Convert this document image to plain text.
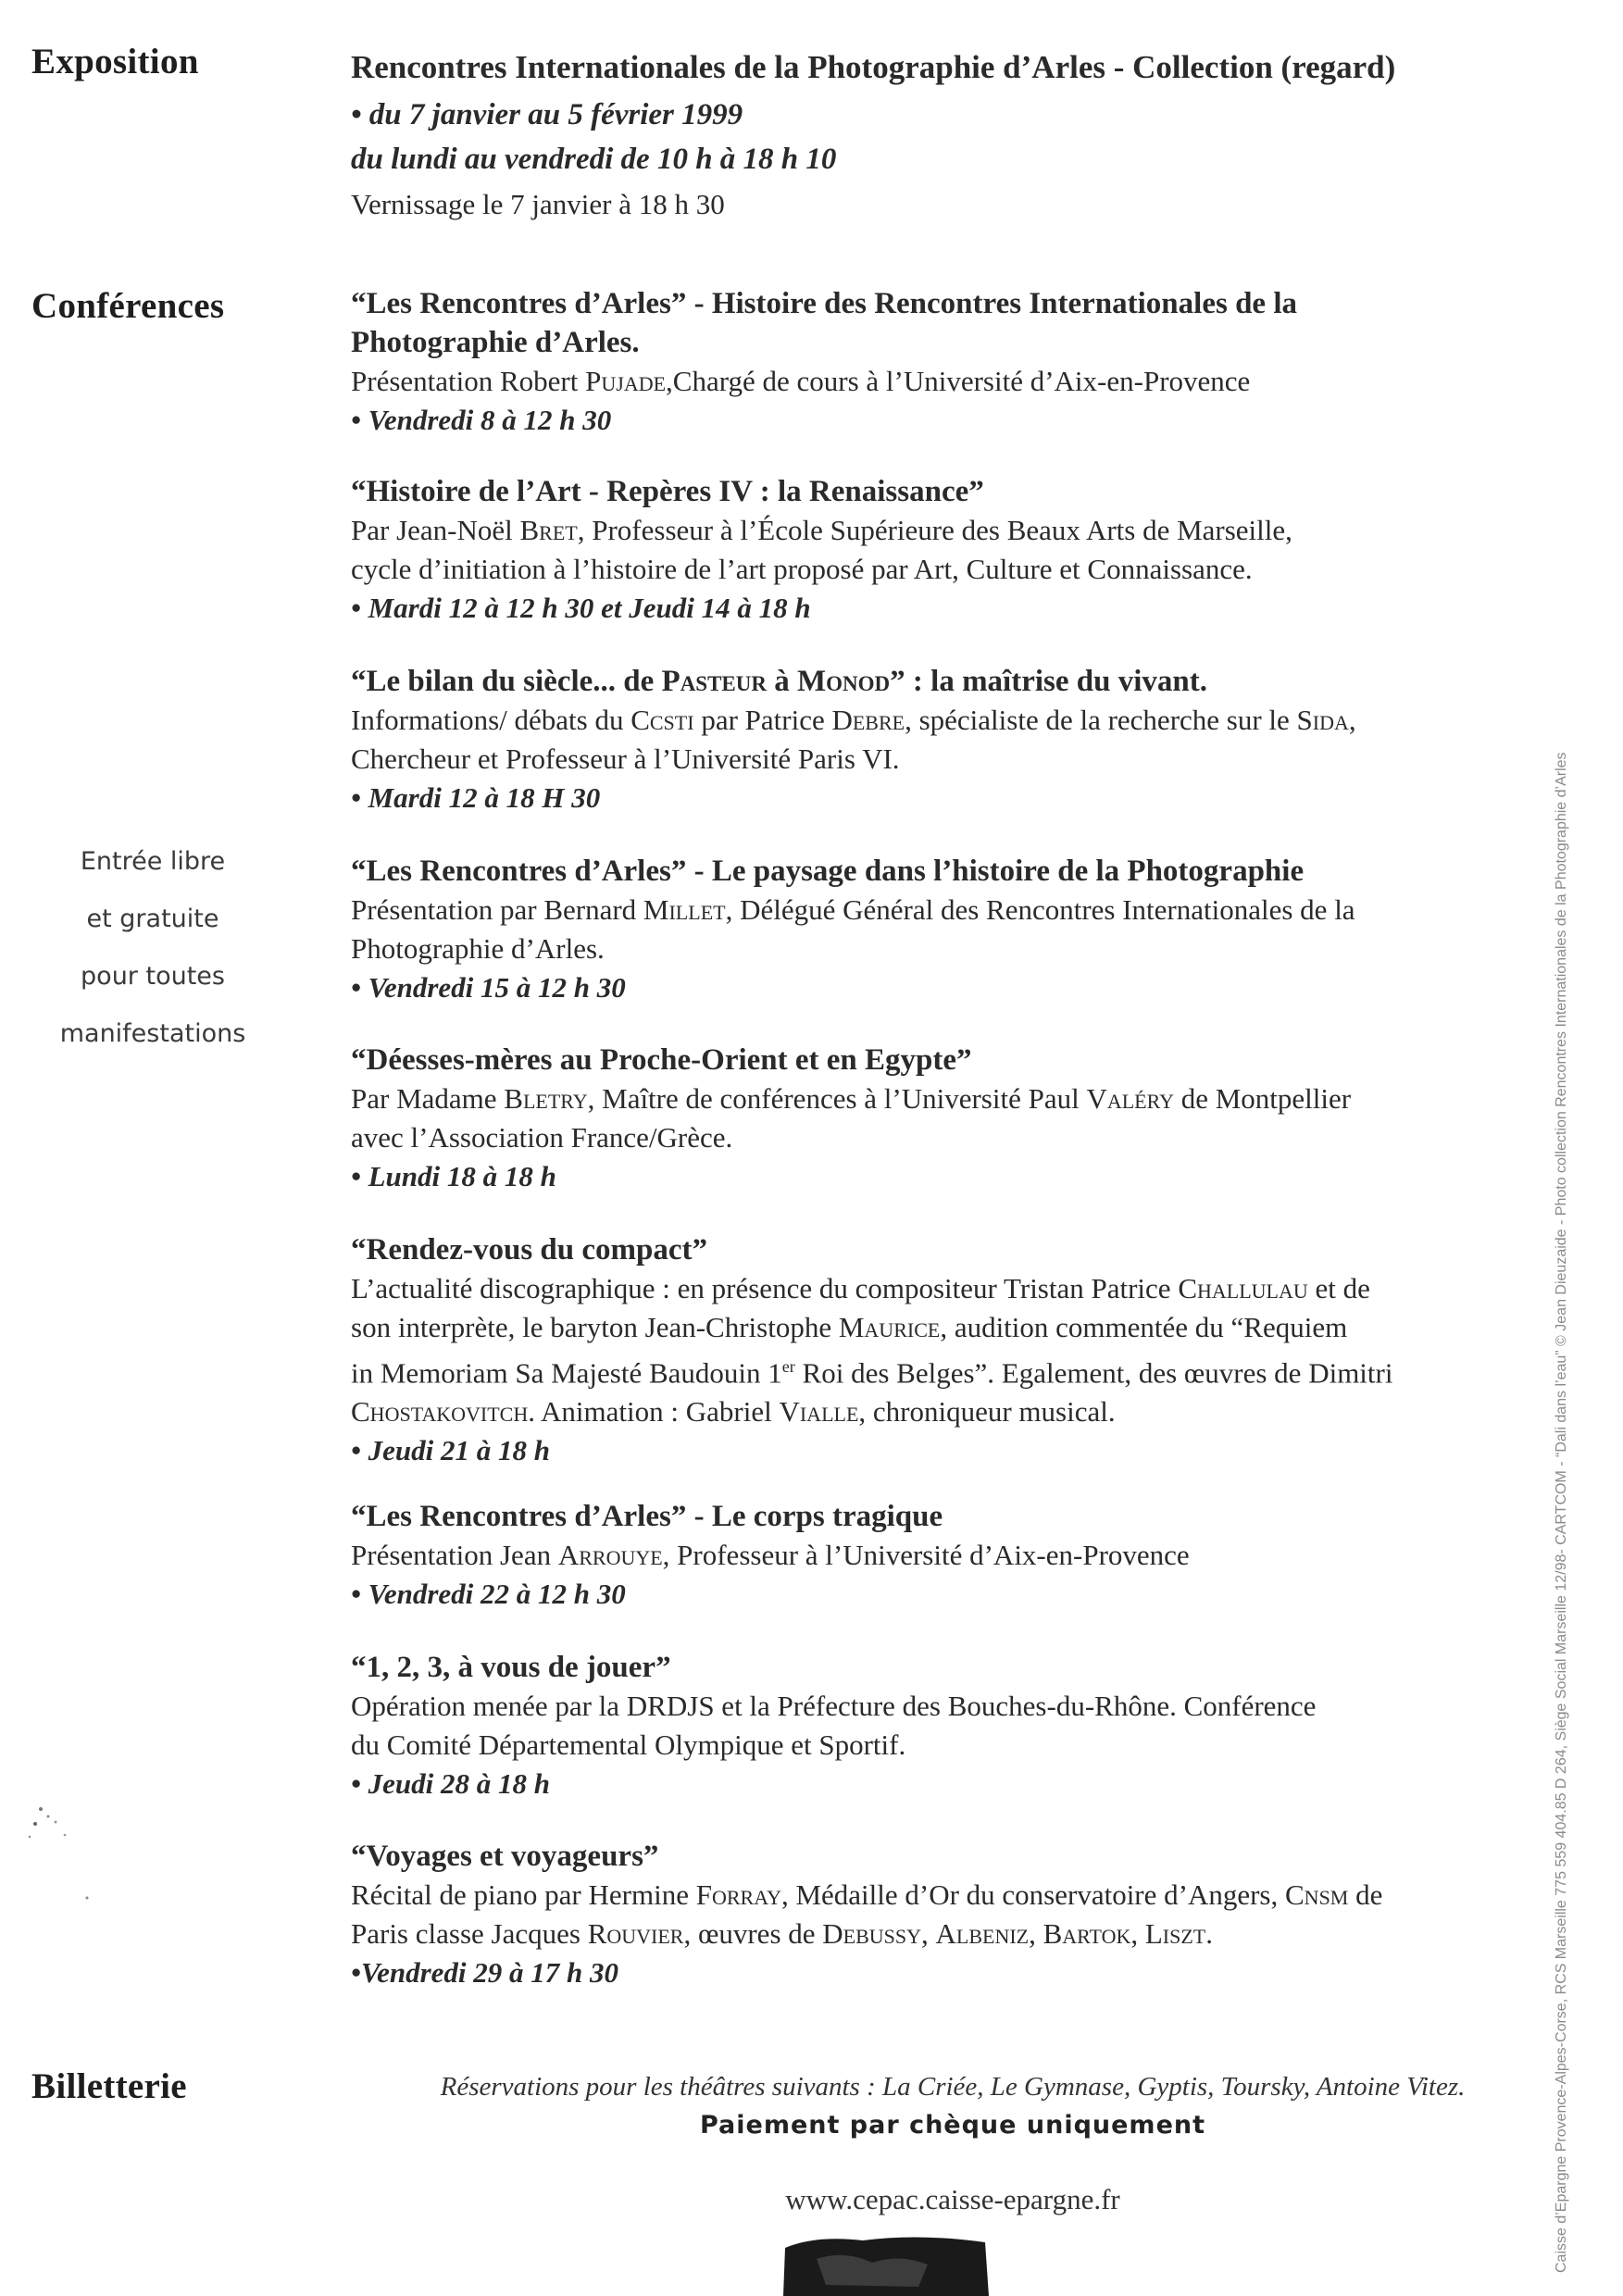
Exposition
Conférences
Billetterie

Rencontres Internationales de la Photographie d’Arles - Collection (regard)

• du 7 janvier au 5 février 1999

du lundi au vendredi de 10 h à 18 h 10

Vernissage le 7 janvier à 18 h 30

“Les Rencontres d’Arles” - Histoire des Rencontres Internationales de la

Photographie d’Arles.

Présentation Robert Pujade,Chargé de cours à l’Université d’Aix-en-Provence

• Vendredi 8 à 12 h 30

“Histoire de l’Art - Repères IV : la Renaissance”

Par Jean-Noël Bret, Professeur à l’École Supérieure des Beaux Arts de Marseille,

cycle d’initiation à l’histoire de l’art proposé par Art, Culture et Connaissance.

• Mardi 12 à 12 h 30 et Jeudi 14 à 18 h

“Le bilan du siècle... de Pasteur à Monod” : la maîtrise du vivant.

Informations/ débats du Ccsti par Patrice Debre, spécialiste de la recherche sur le Sida,

Chercheur et Professeur à l’Université Paris VI.

• Mardi 12 à 18 H 30

Entrée libre

et gratuite

pour toutes

manifestations

“Les Rencontres d’Arles” - Le paysage dans l’histoire de la Photographie

Présentation par Bernard Millet, Délégué Général des Rencontres Internationales de la

Photographie d’Arles.

• Vendredi 15 à 12 h 30

“Déesses-mères au Proche-Orient et en Egypte”

Par Madame Bletry, Maître de conférences à l’Université Paul Valéry de Montpellier

avec l’Association France/Grèce.

• Lundi 18 à 18 h

“Rendez-vous du compact”

L’actualité discographique : en présence du compositeur Tristan Patrice Challulau et de

son interprète, le baryton Jean-Christophe Maurice, audition commentée du “Requiem

in Memoriam Sa Majesté Baudouin 1er Roi des Belges”. Egalement, des œuvres de Dimitri

Chostakovitch. Animation : Gabriel Vialle, chroniqueur musical.

• Jeudi 21 à 18 h

“Les Rencontres d’Arles” - Le corps tragique

Présentation Jean Arrouye, Professeur à l’Université d’Aix-en-Provence

• Vendredi 22 à 12 h 30

“1, 2, 3, à vous de jouer”

Opération menée par la DRDJS et la Préfecture des Bouches-du-Rhône. Conférence

du Comité Départemental Olympique et Sportif.

• Jeudi 28 à 18 h

“Voyages et voyageurs”

Récital de piano par Hermine Forray, Médaille d’Or du conservatoire d’Angers, Cnsm de

Paris classe Jacques Rouvier, œuvres de Debussy, Albeniz, Bartok, Liszt.

•Vendredi 29 à 17 h 30

Réservations pour les théâtres suivants : La Criée, Le Gymnase, Gyptis, Toursky, Antoine Vitez.

Paiement par chèque uniquement

www.cepac.caisse-epargne.fr	Caisse d’Epargne Provence-Alpes-Corse, RCS Marseille 775 559 404.85 D 264, Siège Social Marseille 12/98- CARTCOM - “Dali dans l’eau” © Jean Dieuzaide - Photo collection Rencontres Internationales de la Photographie d’Arles
